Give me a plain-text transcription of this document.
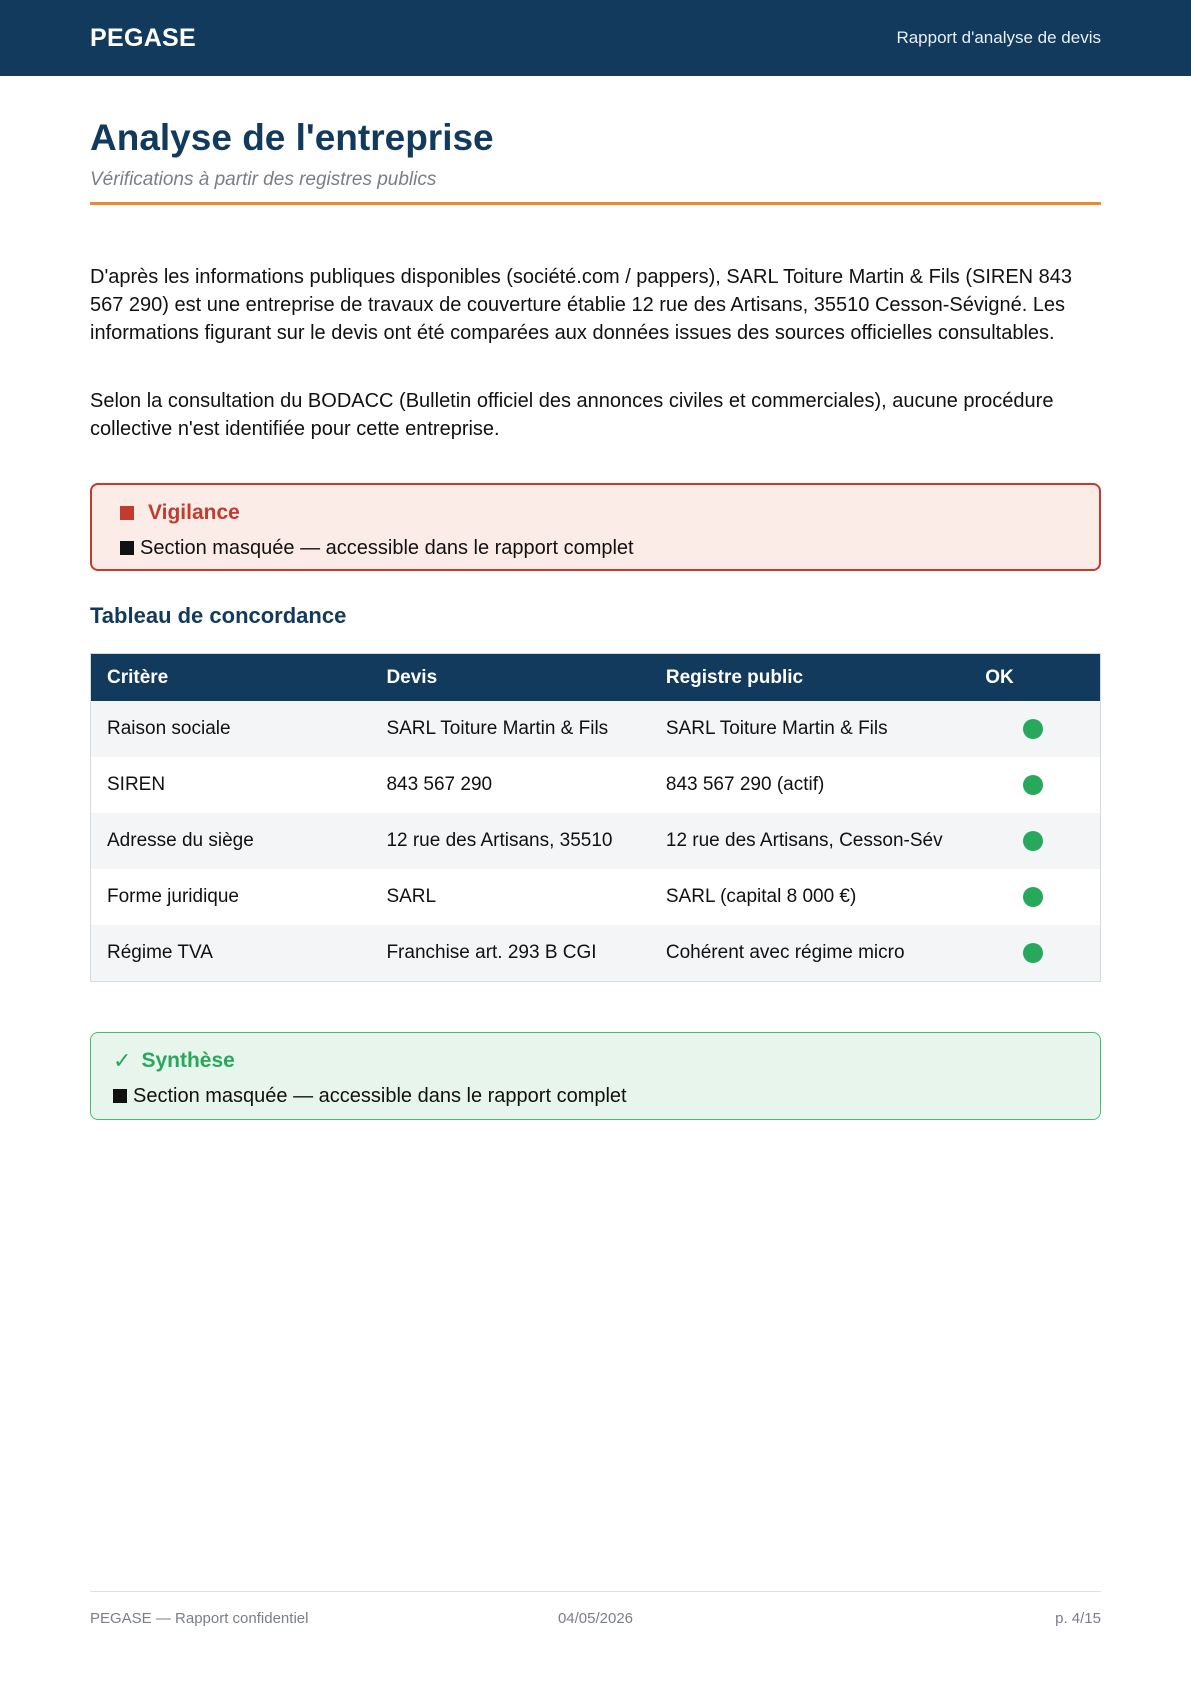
PEGASE	Rapport d'analyse de devis
Analyse de l'entreprise
Vérifications à partir des registres publics

D'après les informations publiques disponibles (société.com / pappers), SARL Toiture Martin & Fils (SIREN 843 567 290) est une entreprise de travaux de couverture établie 12 rue des Artisans, 35510 Cesson-Sévigné. Les informations figurant sur le devis ont été comparées aux données issues des sources officielles consultables.

Selon la consultation du BODACC (Bulletin officiel des annonces civiles et commerciales), aucune procédure collective n'est identifiée pour cette entreprise.

Vigilance
Section masquée — accessible dans le rapport complet
Tableau de concordance
Critère	Devis	Registre public	OK
Raison sociale	SARL Toiture Martin & Fils	SARL Toiture Martin & Fils
SIREN	843 567 290	843 567 290 (actif)
Adresse du siège	12 rue des Artisans, 35510	12 rue des Artisans, Cesson-Sév
Forme juridique	SARL	SARL (capital 8 000 €)
Régime TVA	Franchise art. 293 B CGI	Cohérent avec régime micro
✓ Synthèse
Section masquée — accessible dans le rapport complet
PEGASE — Rapport confidentiel	04/05/2026	p. 4/15
